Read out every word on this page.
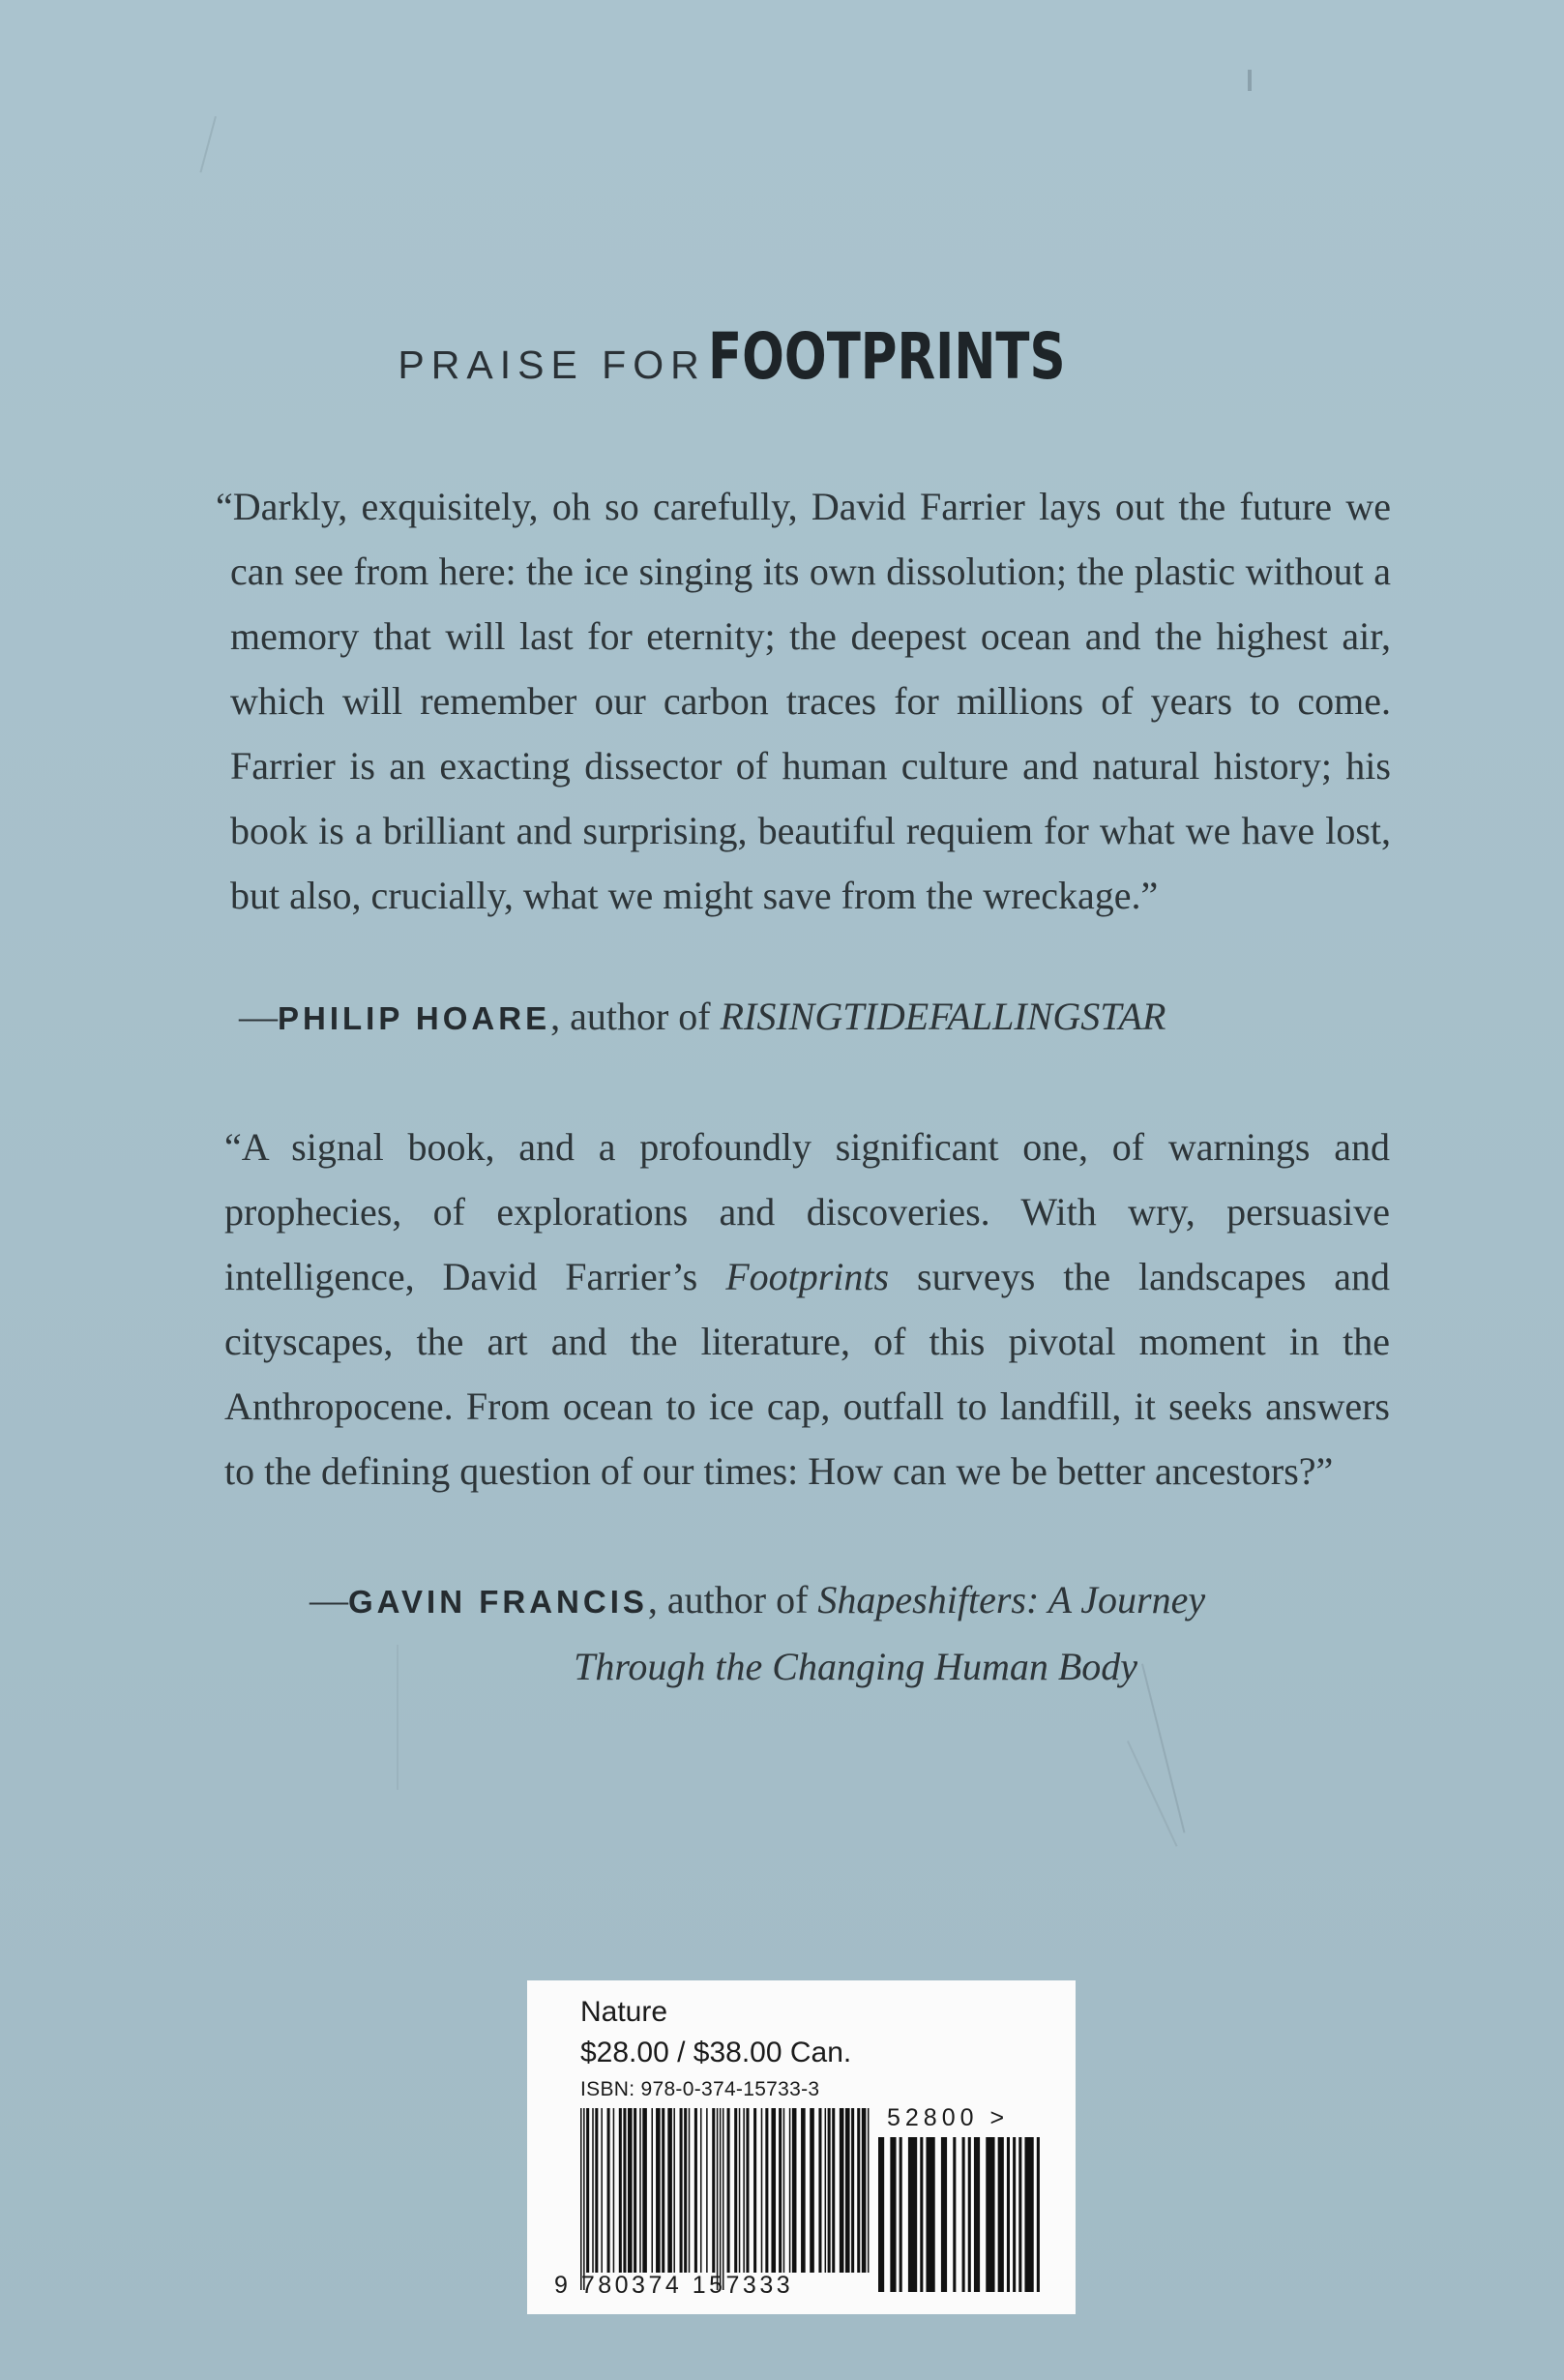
PRAISE FOR FOOTPRINTS
“Darkly, exquisitely, oh so carefully, David Farrier lays out the future we can see from here: the ice singing its own dissolution; the plastic without a memory that will last for eternity; the deepest ocean and the highest air, which will remember our carbon traces for millions of years to come. Farrier is an exacting dissector of human culture and natural history; his book is a brilliant and surprising, beautiful requiem for what we have lost, but also, crucially, what we might save from the wreckage.”
—PHILIP HOARE, author of RISINGTIDEFALLINGSTAR
“A signal book, and a profoundly significant one, of warnings and prophecies, of explorations and discoveries. With wry, persuasive intelligence, David Farrier’s Footprints surveys the landscapes and cityscapes, the art and the literature, of this pivotal moment in the Anthropocene. From ocean to ice cap, outfall to landfill, it seeks answers to the defining question of our times: How can we be better ancestors?”
—GAVIN FRANCIS, author of Shapeshifters: A Journey
Through the Changing Human Body
Nature
$28.00 / $38.00 Can.
ISBN: 978-0-374-15733-3
52800 >
9 780374 157333
